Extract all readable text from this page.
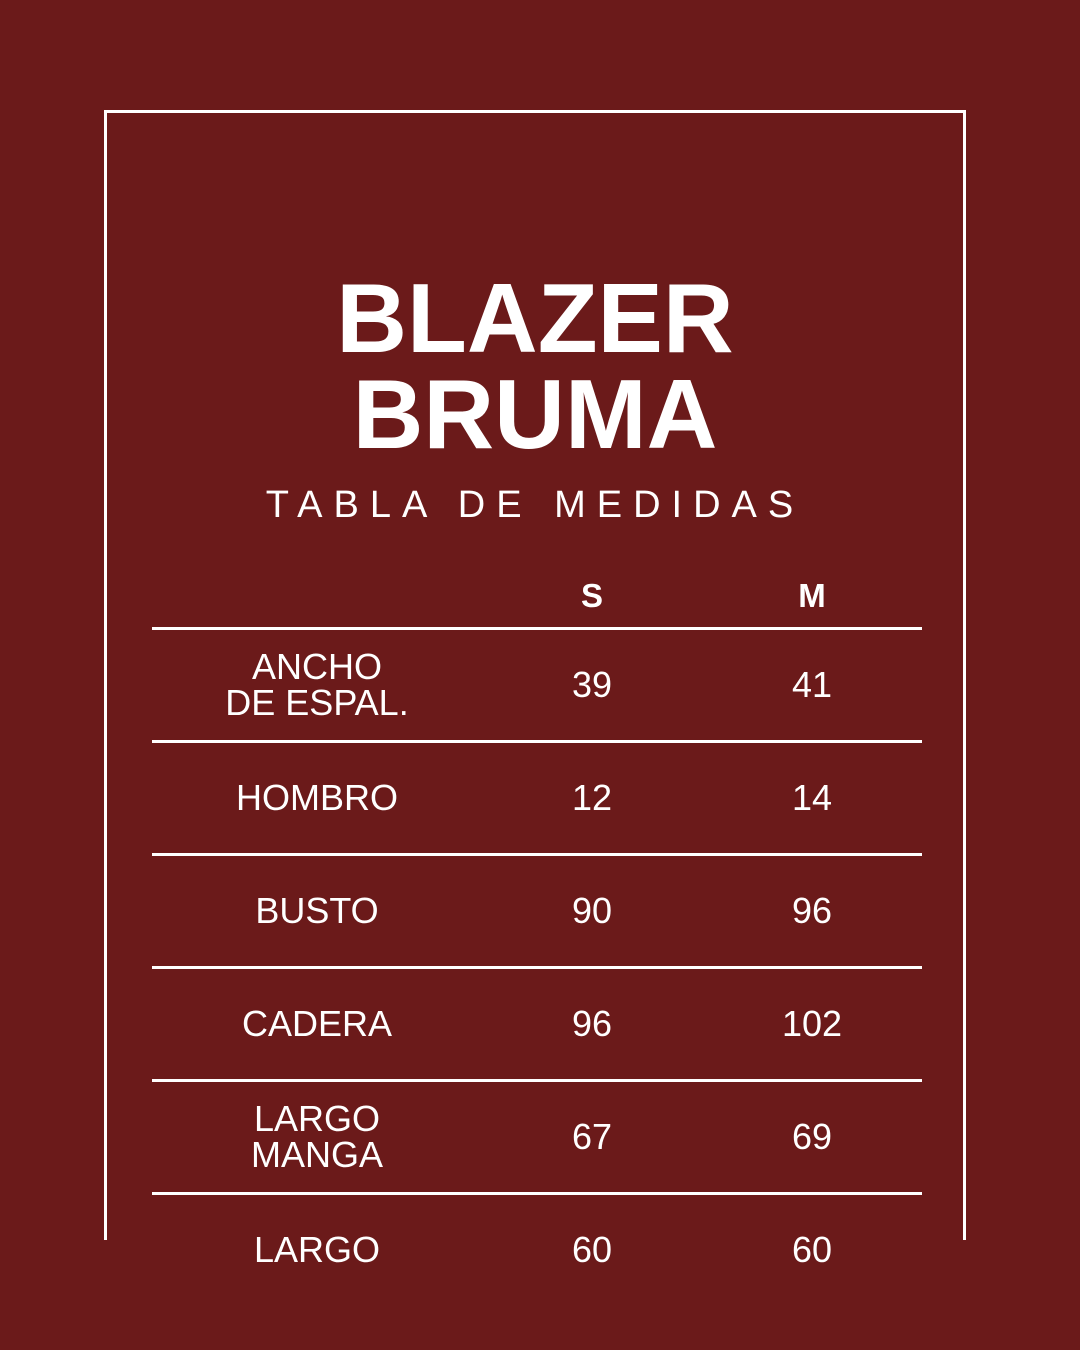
BLAZER
BRUMA
TABLA DE MEDIDAS
	S	M

ANCHO
DE ESPAL.	39	41

HOMBRO	12	14

BUSTO	90	96

CADERA	96	102

LARGO
MANGA	67	69

LARGO	60	60
